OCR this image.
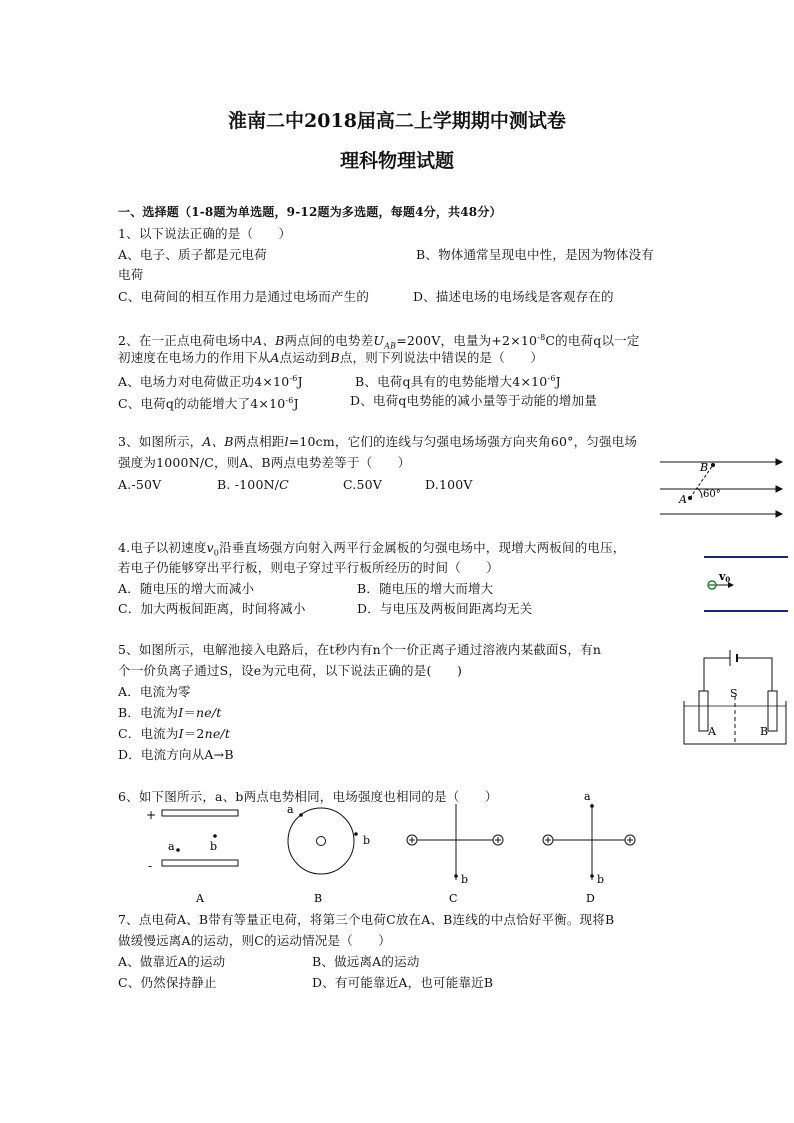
淮南二中2018届高二上学期期中测试卷
理科物理试题
一、选择题（1-8题为单选题，9-12题为多选题，每题4分，共48分）
1、以下说法正确的是（　　）
A、电子、质子都是元电荷	B、物体通常呈现电中性，是因为物体没有
电荷
C、电荷间的相互作用力是通过电场而产生的	D、描述电场的电场线是客观存在的
2、在一正点电荷电场中A、B两点间的电势差$U_{AB}=200V$，电量为$+2\times 10^{-8}C$的电荷q以一定
初速度在电场力的作用下从A点运动到B点，则下列说法中错误的是（　　）
A、电场力对电荷做正功$4\times 10^{-6}J$	B、电荷q具有的电势能增大$4\times 10^{-6}J$
C、电荷q的动能增大了$4\times 10^{-6}J$	D、电荷q电势能的减小量等于动能的增加量
3、如图所示，A、B两点相距l=10cm，它们的连线与匀强电场场强方向夹角60°，匀强电场
强度为1000N/C，则A、B两点电势差等于（　　）
A.-50V	B. -100N/C	C.50V	D.100V
B
A 60°
4.电子以初速度$v_0$沿垂直场强方向射入两平行金属板的匀强电场中，现增大两板间的电压，
若电子仍能够穿出平行板，则电子穿过平行板所经历的时间（　　）
A．随电压的增大而减小	B．随电压的增大而增大
C．加大两板间距离，时间将减小	D．与电压及两板间距离均无关
v0
5、如图所示，电解池接入电路后，在t秒内有n个一价正离子通过溶液内某截面S，有n
个一价负离子通过S，设e为元电荷，以下说法正确的是(　　)
A．电流为零
B．电流为I＝ne/t
C．电流为I＝2ne/t
D．电流方向从A→B
S
A	B
6、如下图所示，a、b两点电势相同，电场强度也相同的是（　　）
+
-
a	b
A
a
b
B
b
C
a
b
D
7、点电荷A、B带有等量正电荷，将第三个电荷C放在A、B连线的中点恰好平衡。现将B
做缓慢远离A的运动，则C的运动情况是（　　）
A、做靠近A的运动	B、做远离A的运动
C、仍然保持静止	D、有可能靠近A，也可能靠近B
